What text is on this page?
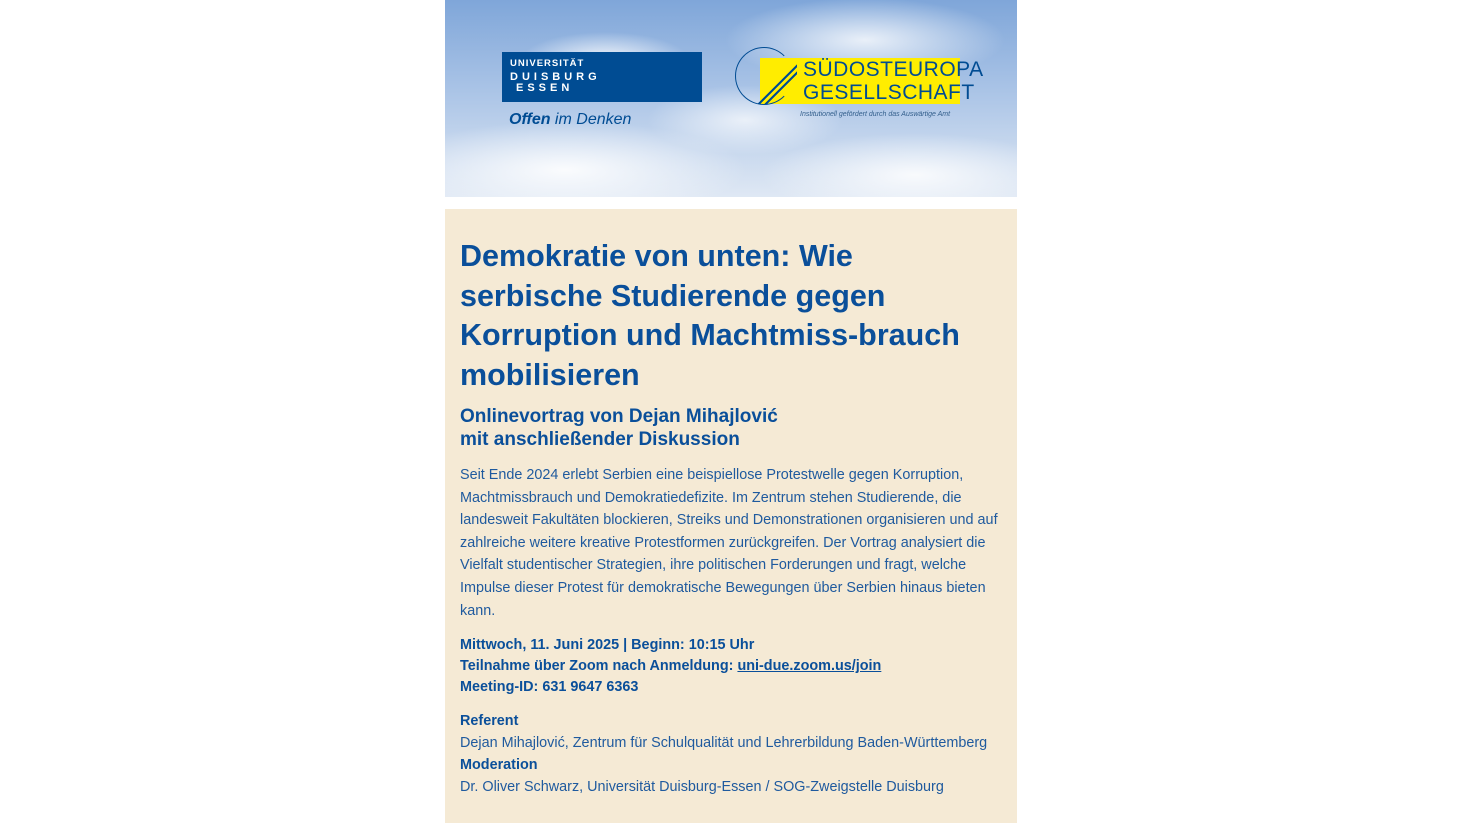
UNIVERSITÄT
DUISBURG
ESSEN
Offen im Denken
SÜDOSTEUROPA
GESELLSCHAFT
Institutionell gefördert durch das Auswärtige Amt
Demokratie von unten: Wie serbische Studierende gegen Korruption und Machtmiss-brauch mobilisieren
Onlinevortrag von Dejan Mihajlović
mit anschließender Diskussion

Seit Ende 2024 erlebt Serbien eine beispiellose Protestwelle gegen Korruption, Machtmissbrauch und Demokratiedefizite. Im Zentrum stehen Studierende, die landesweit Fakultäten blockieren, Streiks und Demonstrationen organisieren und auf zahlreiche weitere kreative Protestformen zurückgreifen. Der Vortrag analysiert die Vielfalt studentischer Strategien, ihre politischen Forderungen und fragt, welche Impulse dieser Protest für demokratische Bewegungen über Serbien hinaus bieten kann.

Mittwoch, 11. Juni 2025 | Beginn: 10:15 Uhr
Teilnahme über Zoom nach Anmeldung: uni-due.zoom.us/join
Meeting-ID: 631 9647 6363
Referent
Dejan Mihajlović, Zentrum für Schulqualität und Lehrerbildung Baden-Württemberg
Moderation
Dr. Oliver Schwarz, Universität Duisburg-Essen / SOG-Zweigstelle Duisburg
